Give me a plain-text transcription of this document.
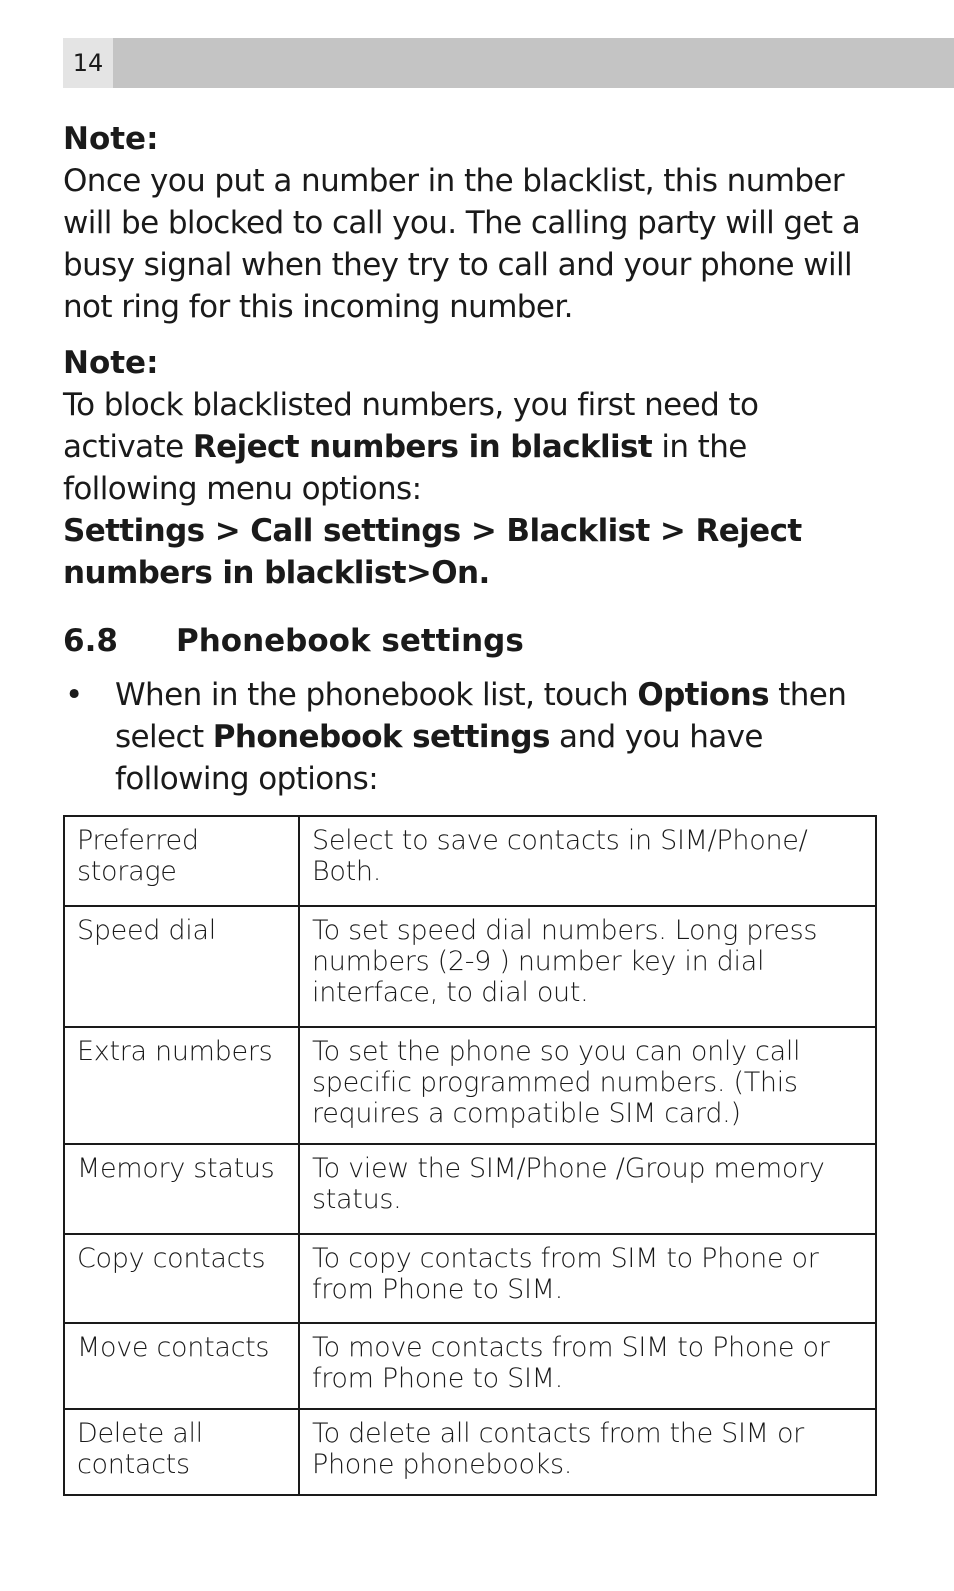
14

Note:

Once you put a number in the blacklist, this number will be blocked to call you. The calling party will get a busy signal when they try to call and your phone will not ring for this incoming number.

Note:

To block blacklisted numbers, you first need to activate Reject numbers in blacklist in the following menu options:

Settings > Call settings > Blacklist > Reject numbers in blacklist>On.

6.8	Phonebook settings
•	When in the phonebook list, touch Options then select Phonebook settings and you have following options:
Preferred storage	Select to save contacts in SIM/Phone/ Both.
Speed dial	To set speed dial numbers. Long press numbers (2-9 ) number key in dial interface, to dial out.
Extra numbers	To set the phone so you can only call specific programmed numbers. (This requires a compatible SIM card.)
Memory status	To view the SIM/Phone /Group memory status.
Copy contacts	To copy contacts from SIM to Phone or from Phone to SIM.
Move contacts	To move contacts from SIM to Phone or from Phone to SIM.
Delete all contacts	To delete all contacts from the SIM or Phone phonebooks.
